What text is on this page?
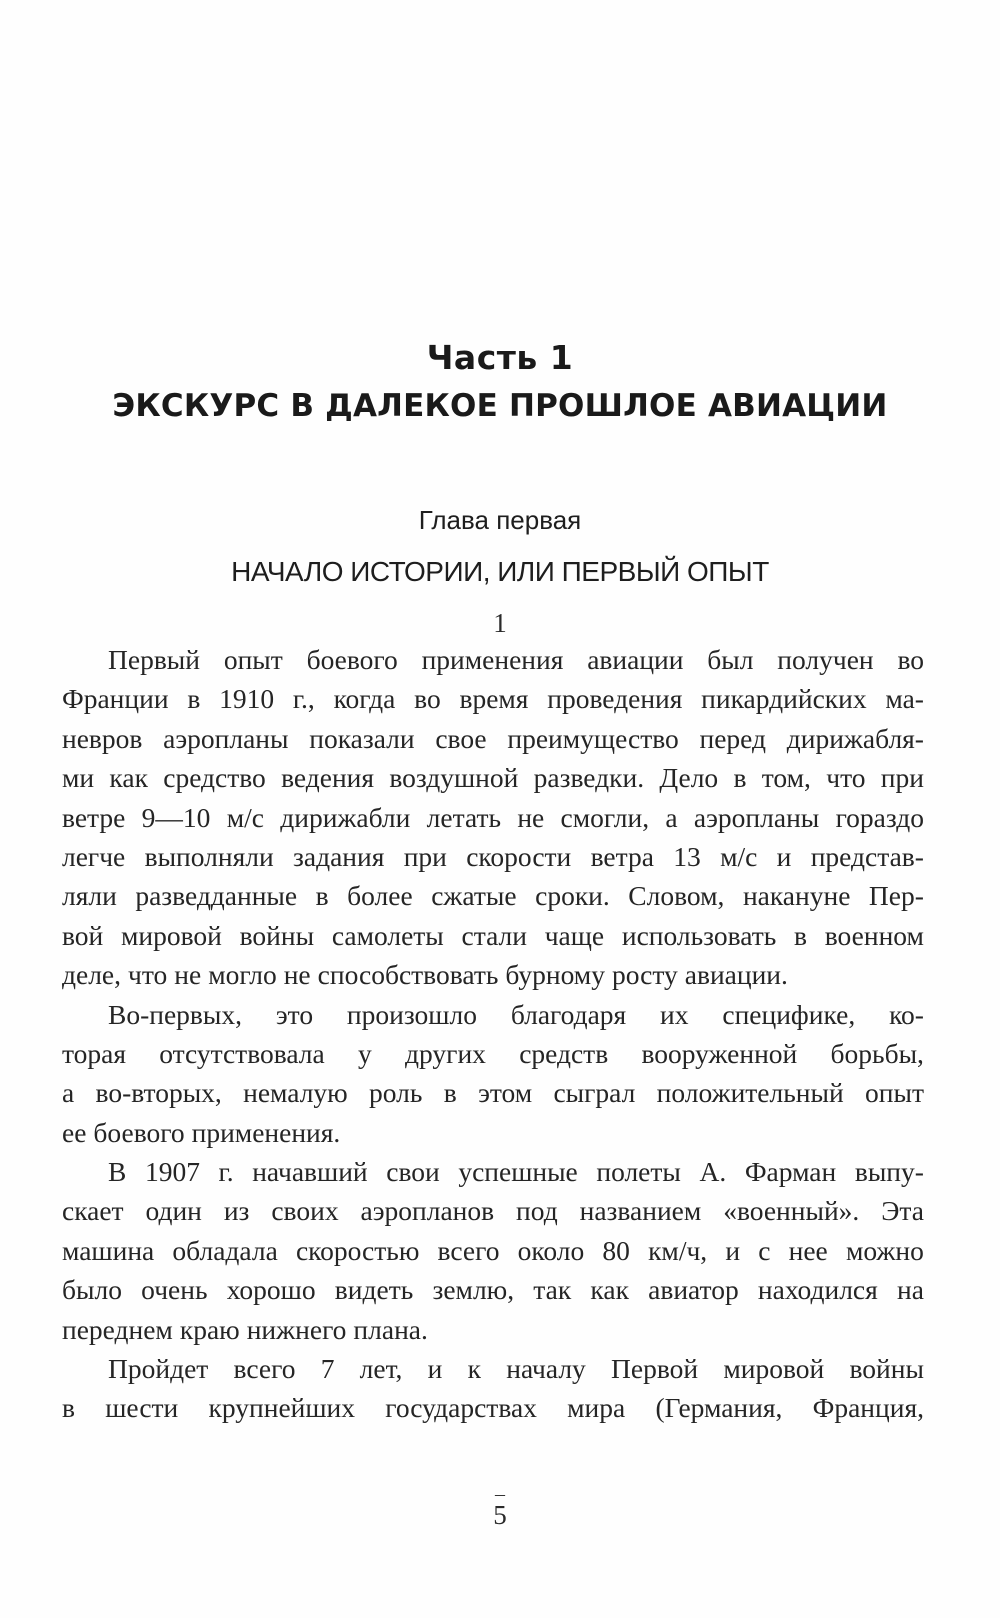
Часть 1
ЭКСКУРС В ДАЛЕКОЕ ПРОШЛОЕ АВИАЦИИ
Глава первая
НАЧАЛО ИСТОРИИ, ИЛИ ПЕРВЫЙ ОПЫТ
1
Первый опыт боевого применения авиации был получен во
Франции в 1910 г., когда во время проведения пикардийских ма-
невров аэропланы показали свое преимущество перед дирижабля-
ми как средство ведения воздушной разведки. Дело в том, что при
ветре 9—10 м/с дирижабли летать не смогли, а аэропланы гораздо
легче выполняли задания при скорости ветра 13 м/с и представ-
ляли разведданные в более сжатые сроки. Словом, накануне Пер-
вой мировой войны самолеты стали чаще использовать в военном
деле, что не могло не способствовать бурному росту авиации.
Во-первых, это произошло благодаря их специфике, ко-
торая отсутствовала у других средств вооруженной борьбы,
а во-вторых, немалую роль в этом сыграл положительный опыт
ее боевого применения.
В 1907 г. начавший свои успешные полеты А. Фарман выпу-
скает один из своих аэропланов под названием «военный». Эта
машина обладала скоростью всего около 80 км/ч, и с нее можно
было очень хорошо видеть землю, так как авиатор находился на
переднем краю нижнего плана.
Пройдет всего 7 лет, и к началу Первой мировой войны
в шести крупнейших государствах мира (Германия, Франция,
–
5
